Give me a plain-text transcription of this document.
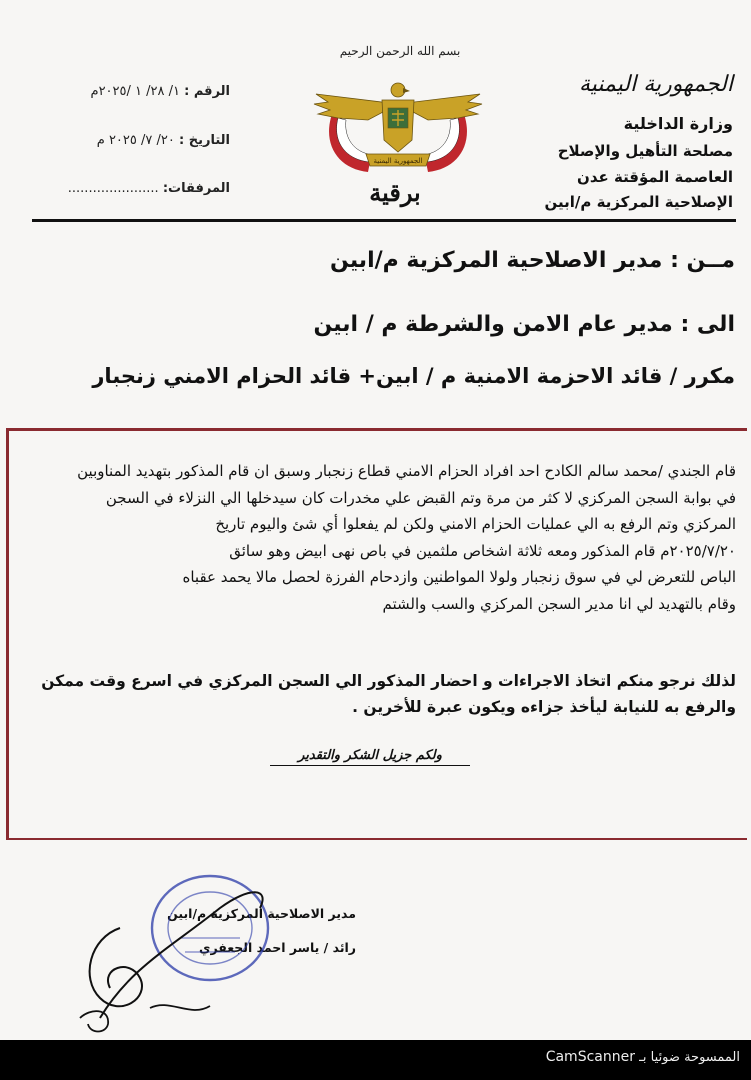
الرقم : ١/ ٢٨/ ١ /٢٠٢٥م
التاريخ : ٢٠/ ٧/ ٢٠٢٥ م
المرفقات: ......................
بسم الله الرحمن الرحيم
الجمهورية اليمنية
برقية
الجمهورية اليمنية
وزارة الداخلية
مصلحة التأهيل والإصلاح
العاصمة المؤقتة عدن
الإصلاحية المركزية م/ابين
مــن : مدير الاصلاحية المركزية م/ابين
الى : مدير عام الامن والشرطة م / ابين
مكرر / قائد الاحزمة الامنية م / ابين+ قائد الحزام الامني زنجبار
قام الجندي /محمد سالم الكادح احد افراد الحزام الامني قطاع زنجبار وسبق ان قام المذكور بتهديد المناوبين
في بوابة السجن المركزي لا كثر من مرة وتم القبض علي مخدرات كان سيدخلها الي النزلاء في السجن
المركزي وتم الرفع به الي عمليات الحزام الامني ولكن لم يفعلوا أي شئ واليوم تاريخ
٢٠٢٥/٧/٢٠م قام المذكور ومعه ثلاثة اشخاص ملثمين في باص نهى ابيض وهو سائق
الباص للتعرض لي في سوق زنجبار ولولا المواطنين وازدحام الفرزة لحصل مالا يحمد عقباه
وقام بالتهديد لي انا مدير السجن المركزي والسب والشتم
لذلك نرجو منكم اتخاذ الاجراءات و احضار المذكور الي السجن المركزي في اسرع وقت ممكن
والرفع به للنيابة ليأخذ جزاءه ويكون عبرة للأخرين .
ولكم جزيل الشكر والتقدير
مدير الاصلاحية المركزية م/ابين
رائد / ياسر احمد الجعفري
الممسوحة ضوئيا بـ CamScanner
